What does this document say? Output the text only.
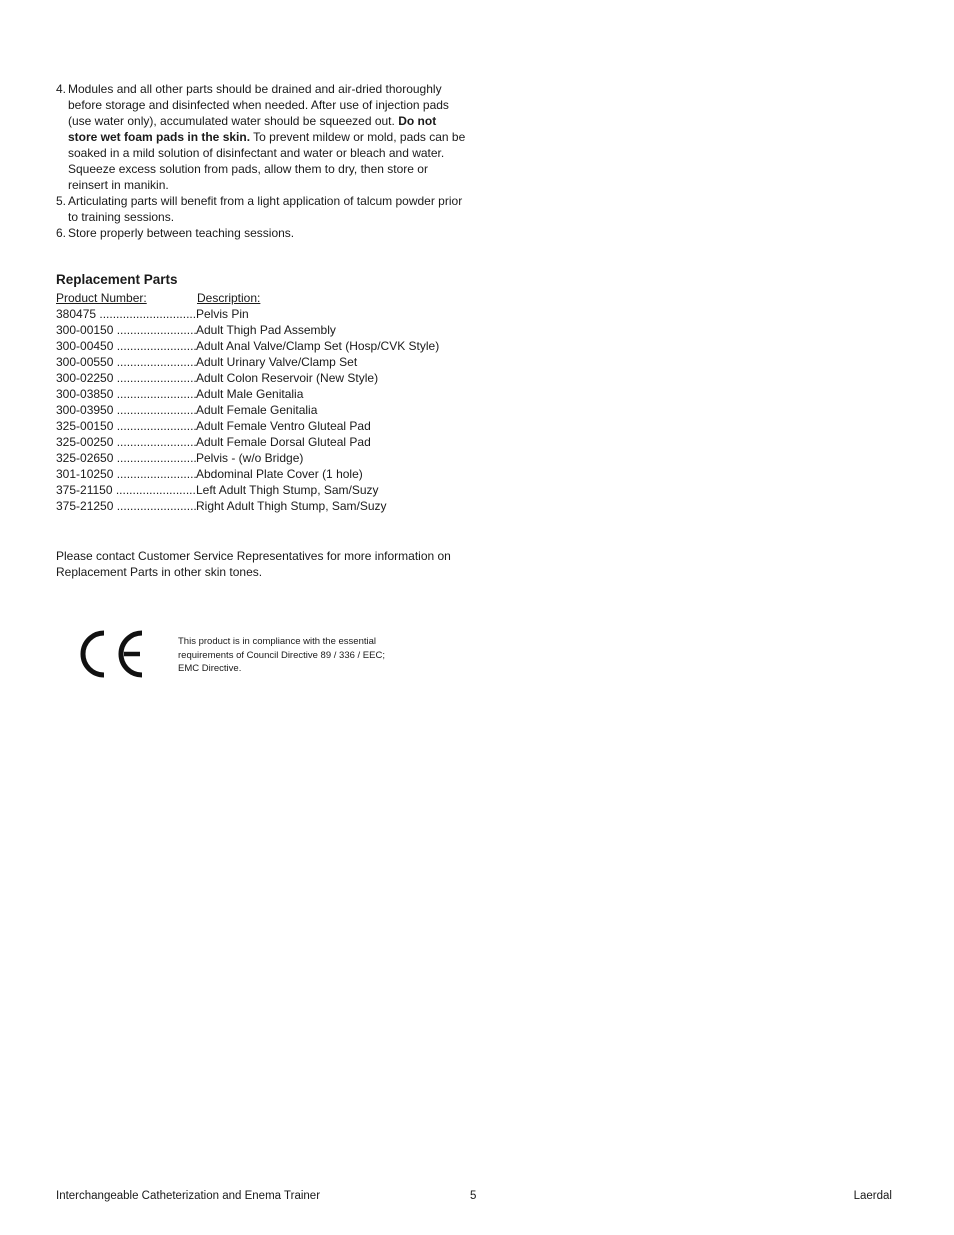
4. Modules and all other parts should be drained and air-dried thoroughly before storage and disinfected when needed. After use of injection pads (use water only), accumulated water should be squeezed out. Do not store wet foam pads in the skin. To prevent mildew or mold, pads can be soaked in a mild solution of disinfectant and water or bleach and water. Squeeze excess solution from pads, allow them to dry, then store or reinsert in manikin.
5. Articulating parts will benefit from a light application of talcum powder prior to training sessions.
6. Store properly between teaching sessions.
Replacement Parts
Product Number:	Description:
380475 .....	Pelvis Pin
300-00150 .....	Adult Thigh Pad Assembly
300-00450 .....	Adult Anal Valve/Clamp Set (Hosp/CVK Style)
300-00550 .....	Adult Urinary Valve/Clamp Set
300-02250 .....	Adult Colon Reservoir (New Style)
300-03850 .....	Adult Male Genitalia
300-03950 .....	Adult Female Genitalia
325-00150 .....	Adult Female Ventro Gluteal Pad
325-00250 .....	Adult Female Dorsal Gluteal Pad
325-02650 .....	Pelvis - (w/o Bridge)
301-10250 .....	Abdominal Plate Cover (1 hole)
375-21150 .....	Left Adult Thigh Stump, Sam/Suzy
375-21250 .....	Right Adult Thigh Stump, Sam/Suzy
Please contact Customer Service Representatives for more information on Replacement Parts in other skin tones.
This product is in compliance with the essential requirements of Council Directive 89 / 336 / EEC; EMC Directive.
Interchangeable Catheterization and Enema Trainer	5	Laerdal
